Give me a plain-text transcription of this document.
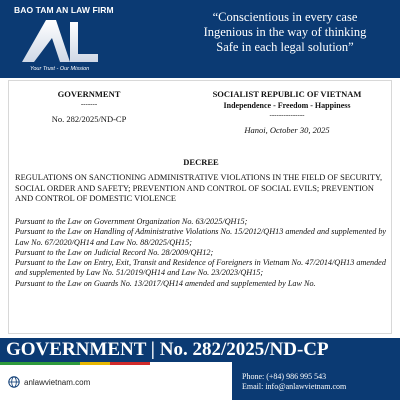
BAO TAM AN LAW FIRM
Your Trust - Our Mission
“Conscientious in every case
Ingenious in the way of thinking
Safe in each legal solution”
GOVERNMENT
-------
No. 282/2025/ND-CP
SOCIALIST REPUBLIC OF VIETNAM
Independence - Freedom - Happiness
---------------
Hanoi, October 30, 2025
DECREE
REGULATIONS ON SANCTIONING ADMINISTRATIVE VIOLATIONS IN THE FIELD OF SECURITY, SOCIAL ORDER AND SAFETY; PREVENTION AND CONTROL OF SOCIAL EVILS; PREVENTION AND CONTROL OF DOMESTIC VIOLENCE

Pursuant to the Law on Government Organization No. 63/2025/QH15;

Pursuant to the Law on Handling of Administrative Violations No. 15/2012/QH13 amended and supplemented by Law No. 67/2020/QH14 and Law No. 88/2025/QH15;

Pursuant to the Law on Judicial Record No. 28/2009/QH12;

Pursuant to the Law on Entry, Exit, Transit and Residence of Foreigners in Vietnam No. 47/2014/QH13 amended and supplemented by Law No. 51/2019/QH14 and Law No. 23/2023/QH15;

Pursuant to the Law on Guards No. 13/2017/QH14 amended and supplemented by Law No.

GOVERNMENT | No. 282/2025/ND-CP
anlawvietnam.com
Phone: (+84) 986 995 543
Email: info@anlawvietnam.com
